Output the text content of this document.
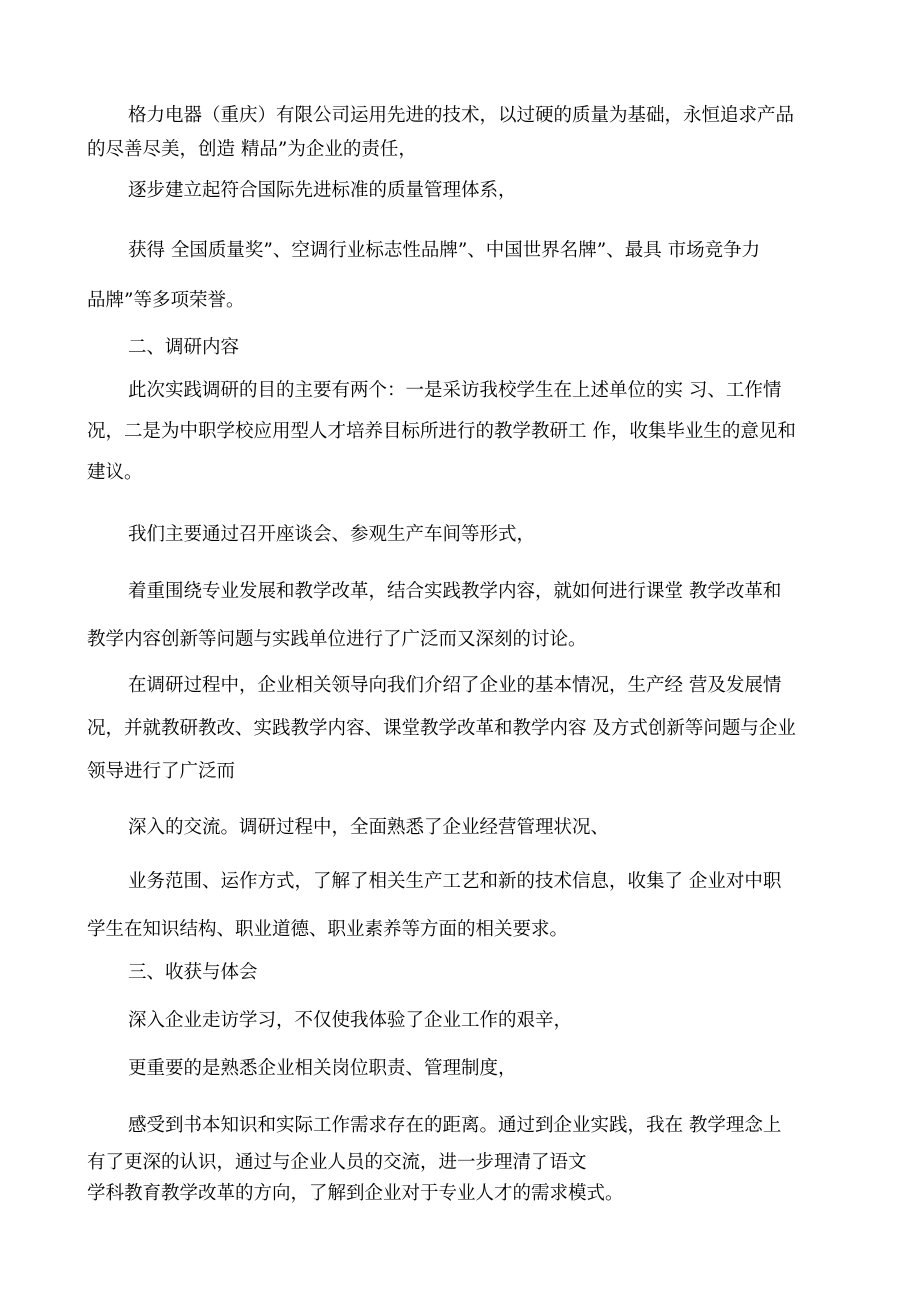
格力电器（重庆）有限公司运用先进的技术，以过硬的质量为基础，永恒追求产品
的尽善尽美，创造 精品”为企业的责任，
逐步建立起符合国际先进标准的质量管理体系，
获得 全国质量奖”、空调行业标志性品牌”、中国世界名牌”、最具 市场竞争力
品牌”等多项荣誉。
二、调研内容
此次实践调研的目的主要有两个：一是采访我校学生在上述单位的实 习、工作情
况，二是为中职学校应用型人才培养目标所进行的教学教研工 作，收集毕业生的意见和
建议。
我们主要通过召开座谈会、参观生产车间等形式，
着重围绕专业发展和教学改革，结合实践教学内容，就如何进行课堂 教学改革和
教学内容创新等问题与实践单位进行了广泛而又深刻的讨论。
在调研过程中，企业相关领导向我们介绍了企业的基本情况，生产经 营及发展情
况，并就教研教改、实践教学内容、课堂教学改革和教学内容 及方式创新等问题与企业
领导进行了广泛而
深入的交流。调研过程中，全面熟悉了企业经营管理状况、
业务范围、运作方式，了解了相关生产工艺和新的技术信息，收集了 企业对中职
学生在知识结构、职业道德、职业素养等方面的相关要求。
三、收获与体会
深入企业走访学习，不仅使我体验了企业工作的艰辛，
更重要的是熟悉企业相关岗位职责、管理制度，
感受到书本知识和实际工作需求存在的距离。通过到企业实践，我在 教学理念上
有了更深的认识，通过与企业人员的交流，进一步理清了语文
学科教育教学改革的方向，了解到企业对于专业人才的需求模式。
